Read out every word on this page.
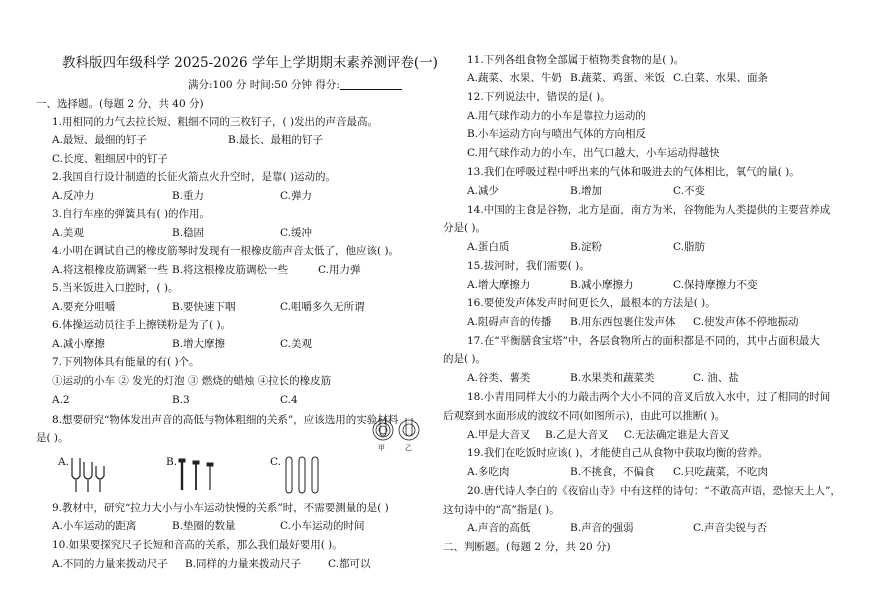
教科版四年级科学 2025-2026 学年上学期期末素养测评卷(一)
满分:100 分 时间:50 分钟 得分:
一、选择题。(每题 2 分，共 40 分)
1.用相同的力气去拉长短、粗细不同的三枚钉子，( )发出的声音最高。
A.最短、最细的钉子	B.最长、最粗的钉子
C.长度、粗细居中的钉子
2.我国自行设计制造的长征火箭点火升空时，是靠( )运动的。
A.反冲力	B.重力	C.弹力
3.自行车座的弹簧具有( )的作用。
A.美观	B.稳固	C.缓冲
4.小明在调试自己的橡皮筋琴时发现有一根橡皮筋声音太低了，他应该( )。
A.将这根橡皮筋调紧一些 B.将这根橡皮筋调松一些	C.用力弹
5.当米饭进入口腔时，( )。
A.要充分咀嚼	B.要快速下咽	C.咀嚼多久无所谓
6.体操运动员往手上擦镁粉是为了( )。
A.减小摩擦	B.增大摩擦	C.美观
7.下列物体具有能量的有( )个。
①运动的小车 ② 发光的灯泡 ③ 燃烧的蜡烛 ④拉长的橡皮筋
A.2	B.3	C.4
8.想要研究“物体发出声音的高低与物体粗细的关系”，应该选用的实验材料
是( )。
甲	乙
A.	B.	C.
9.教材中，研究“拉力大小与小车运动快慢的关系”时，不需要测量的是( )
A.小车运动的距离	B.垫圈的数量	C.小车运动的时间
10.如果要探究尺子长短和音高的关系，那么我们最好要用( )。
A.不同的力量来拨动尺子 B.同样的力量来拨动尺子	C.都可以
11.下列各组食物全部属于植物类食物的是( )。
A.蔬菜、水果、牛奶 B.蔬菜、鸡蛋、米饭 C.白菜、水果、面条
12.下列说法中，错误的是( )。
A.用气球作动力的小车是靠拉力运动的
B.小车运动方向与喷出气体的方向相反
C.用气球作动力的小车，出气口越大，小车运动得越快
13.我们在呼吸过程中呼出来的气体和吸进去的气体相比，氧气的量( )。
A.减少	B.增加	C.不变
14.中国的主食是谷物，北方是面，南方为米，谷物能为人类提供的主要营养成
分是( )。
A.蛋白质	B.淀粉	C.脂肪
15.拔河时，我们需要( )。
A.增大摩擦力	B.减小摩擦力	C.保持摩擦力不变
16.要使发声体发声时间更长久，最根本的方法是( )。
A.阻碍声音的传播 B.用东西包裹住发声体 C.使发声体不停地振动
17.在“平衡膳食宝塔”中，各层食物所占的面积都是不同的，其中占面积最大
的是( )。
A.谷类、薯类	B.水果类和蔬菜类	C. 油、盐
18.小青用同样大小的力敲击两个大小不同的音叉后放入水中，过了相同的时间
后观察到水面形成的波纹不同(如图所示)，由此可以推断( )。
A.甲是大音叉 B.乙是大音叉 C.无法确定谁是大音叉
19.我们在吃饭时应该( )，才能使自己从食物中获取均衡的营养。
A.多吃肉	B.不挑食，不偏食 C.只吃蔬菜，不吃肉
20.唐代诗人李白的《夜宿山寺》中有这样的诗句：“不敢高声语，恐惊天上人”，
这句诗中的“高”指是( )。
A.声音的高低	B.声音的强弱	C.声音尖锐与否
二、判断题。(每题 2 分，共 20 分)
